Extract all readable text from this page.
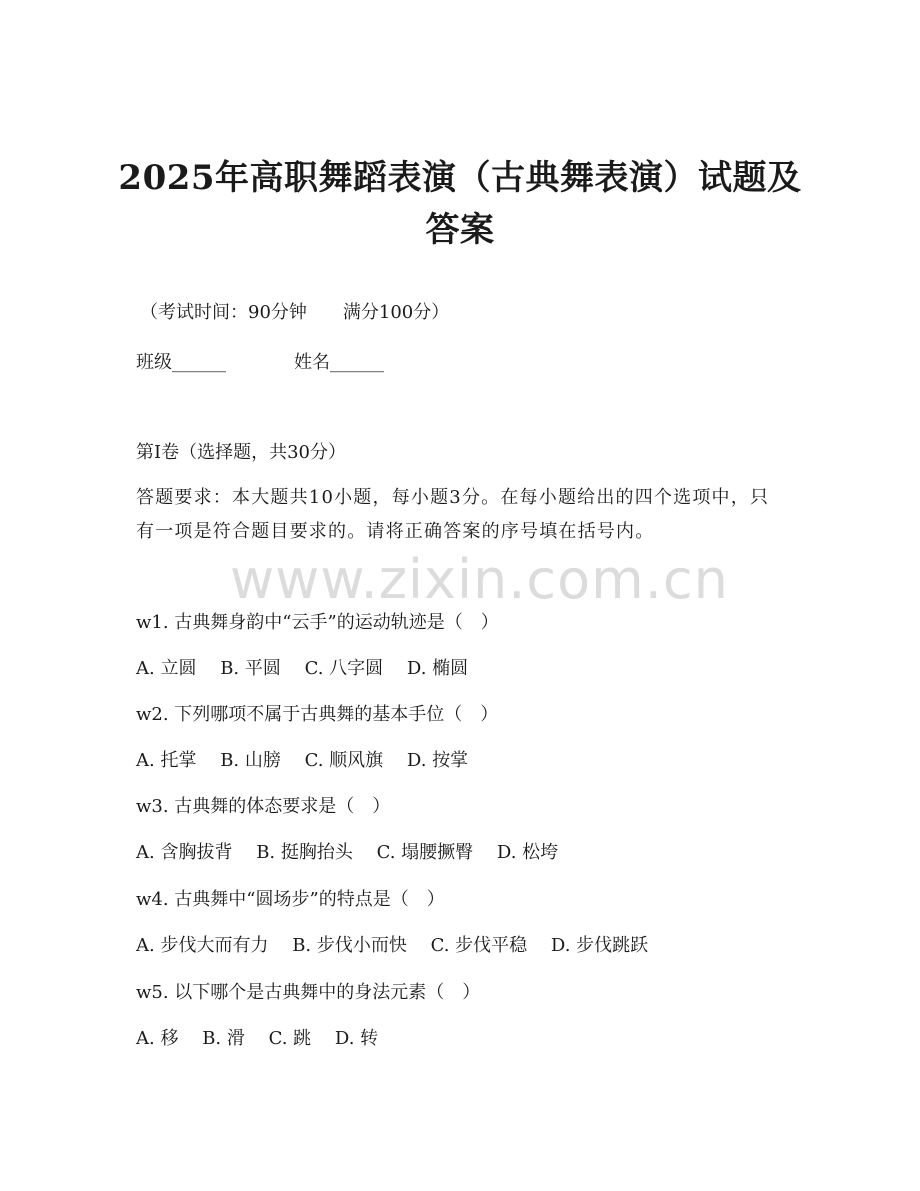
2025年高职舞蹈表演（古典舞表演）试题及
答案

（考试时间：90分钟　　满分100分）

班级______	姓名______

第I卷（选择题，共30分）

答题要求：本大题共10小题，每小题3分。在每小题给出的四个选项中，只有一项是符合题目要求的。请将正确答案的序号填在括号内。

www.zixin.com.cn

w1. 古典舞身韵中“云手”的运动轨迹是（　）

A. 立圆　 B. 平圆　 C. 八字圆　 D. 椭圆

w2. 下列哪项不属于古典舞的基本手位（　）

A. 托掌　 B. 山膀　 C. 顺风旗　 D. 按掌

w3. 古典舞的体态要求是（　）

A. 含胸拔背　 B. 挺胸抬头　 C. 塌腰撅臀　 D. 松垮

w4. 古典舞中“圆场步”的特点是（　）

A. 步伐大而有力　 B. 步伐小而快　 C. 步伐平稳　 D. 步伐跳跃

w5. 以下哪个是古典舞中的身法元素（　）

A. 移　 B. 滑　 C. 跳　 D. 转
